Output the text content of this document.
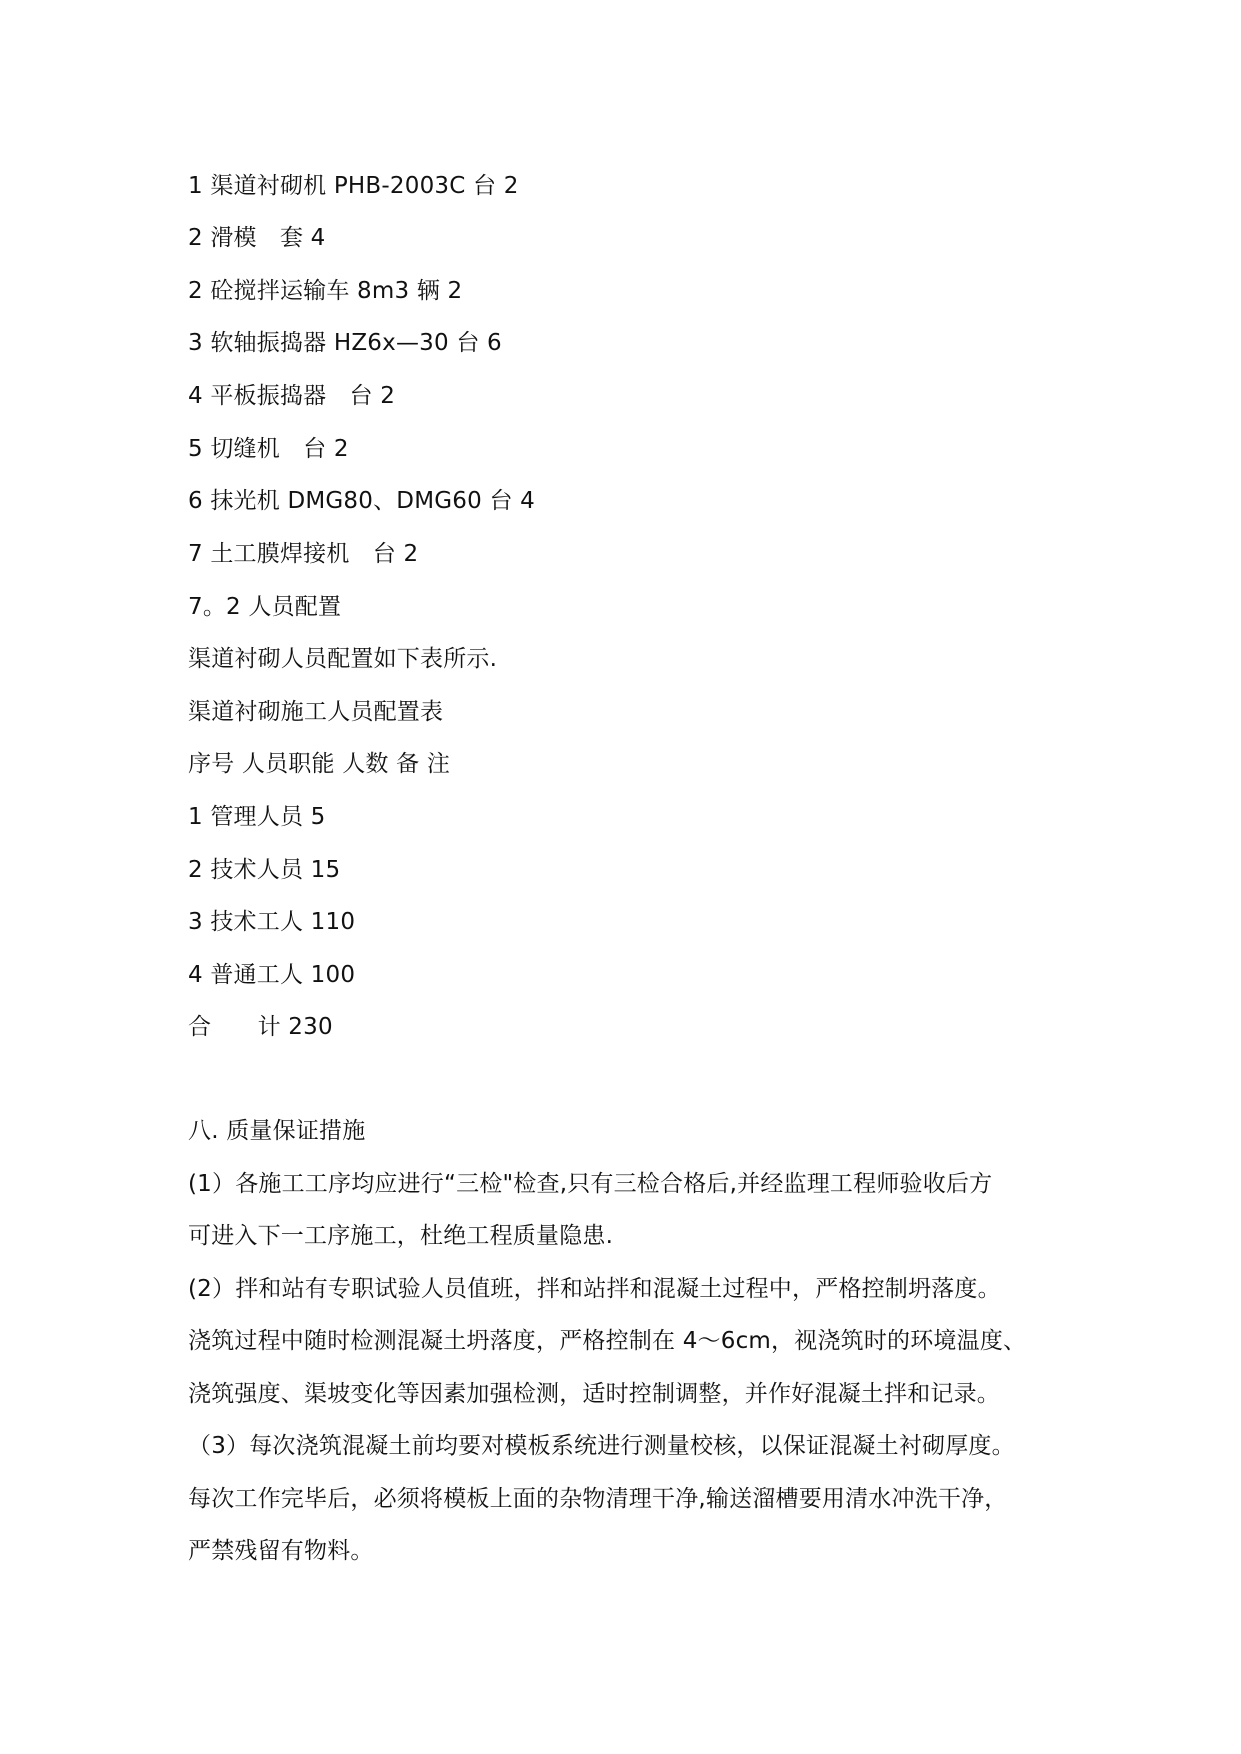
1 渠道衬砌机 PHB-2003C 台 2
2 滑模　套 4
2 砼搅拌运输车 8m3 辆 2
3 软轴振捣器 HZ6x—30 台 6
4 平板振捣器　台 2
5 切缝机　台 2
6 抹光机 DMG80、DMG60 台 4
7 土工膜焊接机　台 2
7。2 人员配置
渠道衬砌人员配置如下表所示.
渠道衬砌施工人员配置表
序号 人员职能 人数 备 注
1 管理人员 5
2 技术人员 15
3 技术工人 110
4 普通工人 100
合　　计 230
八. 质量保证措施
(1）各施工工序均应进行“三检"检查,只有三检合格后,并经监理工程师验收后方
可进入下一工序施工，杜绝工程质量隐患.
(2）拌和站有专职试验人员值班，拌和站拌和混凝土过程中，严格控制坍落度。
浇筑过程中随时检测混凝土坍落度，严格控制在 4～6cm，视浇筑时的环境温度、
浇筑强度、渠坡变化等因素加强检测，适时控制调整，并作好混凝土拌和记录。
（3）每次浇筑混凝土前均要对模板系统进行测量校核，以保证混凝土衬砌厚度。
每次工作完毕后，必须将模板上面的杂物清理干净,输送溜槽要用清水冲洗干净，
严禁残留有物料。
